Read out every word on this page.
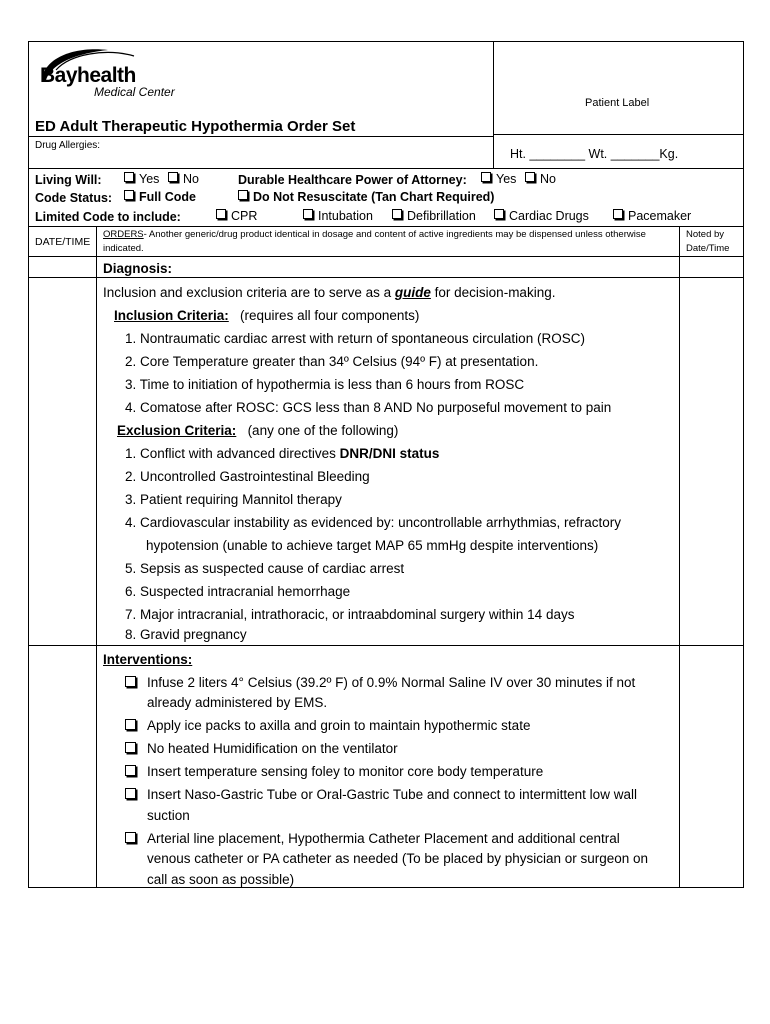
Bayhealth
Medical Center
Patient Label
ED Adult Therapeutic Hypothermia Order Set
Drug Allergies:
Ht. ________ Wt. _______Kg.
Living Will:	Yes	No	Durable Healthcare Power of Attorney:	Yes	No
Code Status:	Full Code	Do Not Resuscitate (Tan Chart Required)
Limited Code to include:	CPR	Intubation	Defibrillation	Cardiac Drugs	Pacemaker
DATE/TIME
ORDERS- Another generic/drug product identical in dosage and content of active ingredients may be dispensed unless otherwise
indicated.
Noted by
Date/Time
Diagnosis:
Inclusion and exclusion criteria are to serve as a guide for decision-making.
Inclusion Criteria: (requires all four components)
1. Nontraumatic cardiac arrest with return of spontaneous circulation (ROSC)
2. Core Temperature greater than 34º Celsius (94º F) at presentation.
3. Time to initiation of hypothermia is less than 6 hours from ROSC
4. Comatose after ROSC: GCS less than 8 AND No purposeful movement to pain
Exclusion Criteria: (any one of the following)
1. Conflict with advanced directives DNR/DNI status
2. Uncontrolled Gastrointestinal Bleeding
3. Patient requiring Mannitol therapy
4. Cardiovascular instability as evidenced by: uncontrollable arrhythmias, refractory
hypotension (unable to achieve target MAP 65 mmHg despite interventions)
5. Sepsis as suspected cause of cardiac arrest
6. Suspected intracranial hemorrhage
7. Major intracranial, intrathoracic, or intraabdominal surgery within 14 days
8. Gravid pregnancy
Interventions:
Infuse 2 liters 4° Celsius (39.2º F) of 0.9% Normal Saline IV over 30 minutes if not
already administered by EMS.
Apply ice packs to axilla and groin to maintain hypothermic state
No heated Humidification on the ventilator
Insert temperature sensing foley to monitor core body temperature
Insert Naso-Gastric Tube or Oral-Gastric Tube and connect to intermittent low wall
suction
Arterial line placement, Hypothermia Catheter Placement and additional central
venous catheter or PA catheter as needed (To be placed by physician or surgeon on
call as soon as possible)
